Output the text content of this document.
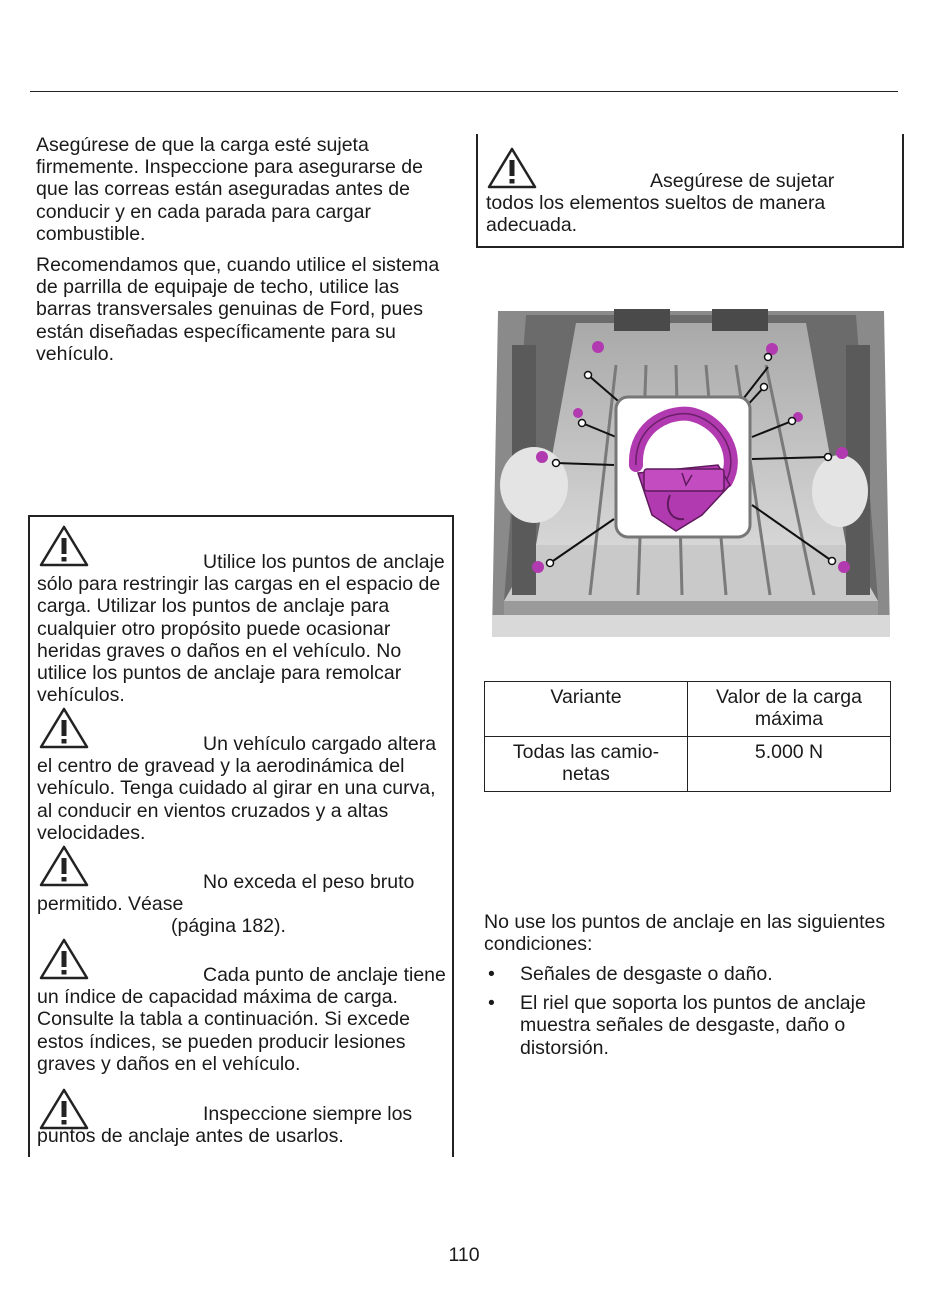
Asegúrese de que la carga esté sujeta firmemente. Inspeccione para asegurarse de que las correas están aseguradas antes de conducir y en cada parada para cargar combustible.

Recomendamos que, cuando utilice el sistema de parrilla de equipaje de techo, utilice las barras transversales genuinas de Ford, pues están diseñadas específicamente para su vehículo.

Asegúrese de sujetar todos los elementos sueltos de manera adecuada.

Utilice los puntos de anclaje sólo para restringir las cargas en el espacio de carga. Utilizar los puntos de anclaje para cualquier otro propósito puede ocasionar heridas graves o daños en el vehículo. No utilice los puntos de anclaje para remolcar vehículos.

Un vehículo cargado altera el centro de gravead y la aerodinámica del vehículo. Tenga cuidado al girar en una curva, al conducir en vientos cruzados y a altas velocidades.

No exceda el peso bruto
permitido. Véase
(página 182).

Cada punto de anclaje tiene un índice de capacidad máxima de carga. Consulte la tabla a continuación. Si excede estos índices, se pueden producir lesiones graves y daños en el vehículo.

Inspeccione siempre los puntos de anclaje antes de usarlos.

Variante	Valor de la carga máxima
Todas las camio-netas	5.000 N

No use los puntos de anclaje en las siguientes condiciones:

• Señales de desgaste o daño.
• El riel que soporta los puntos de anclaje muestra señales de desgaste, daño o distorsión.
110
